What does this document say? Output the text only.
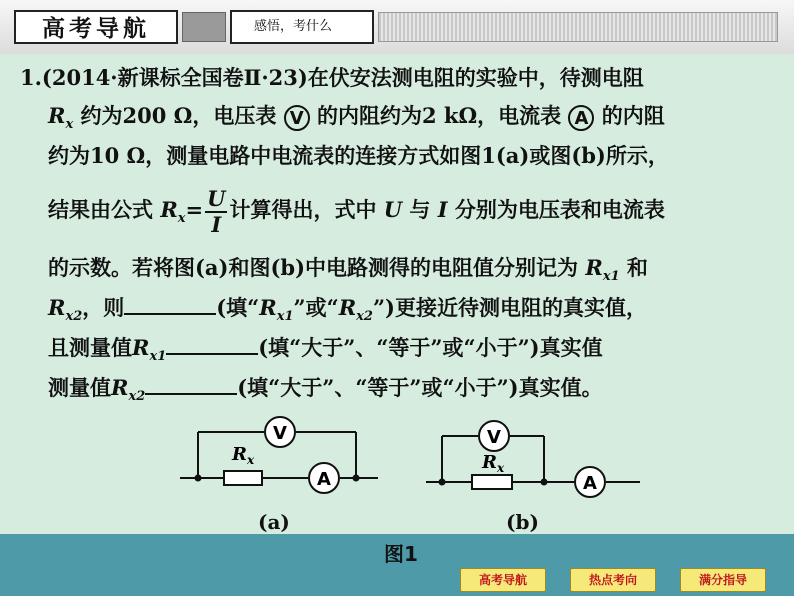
高考导航	感悟，考什么
1.(2014·新课标全国卷Ⅱ·23)在伏安法测电阻的实验中，待测电阻
$R_x$ 约为200 Ω，电压表 V 的内阻约为2 kΩ，电流表 A 的内阻
约为10 Ω，测量电路中电流表的连接方式如图1(a)或图(b)所示，
结果由公式 $R_x= \frac{U}{I}$ 计算得出，式中 U 与 I 分别为电压表和电流表
的示数。若将图(a)和图(b)中电路测得的电阻值分别记为 $R_{x1}$ 和
$R_{x2}$，则	(填“$R_{x1}$”或“$R_{x2}$”)更接近待测电阻的真实值，
且测量值$R_{x1}$	(填“大于”、“等于”或“小于”)真实值
测量值$R_{x2}$	(填“大于”、“等于”或“小于”)真实值。
V
A
$R_x$
V
A
$R_x$
(a)	(b)
图1
高考导航	热点考向	满分指导
